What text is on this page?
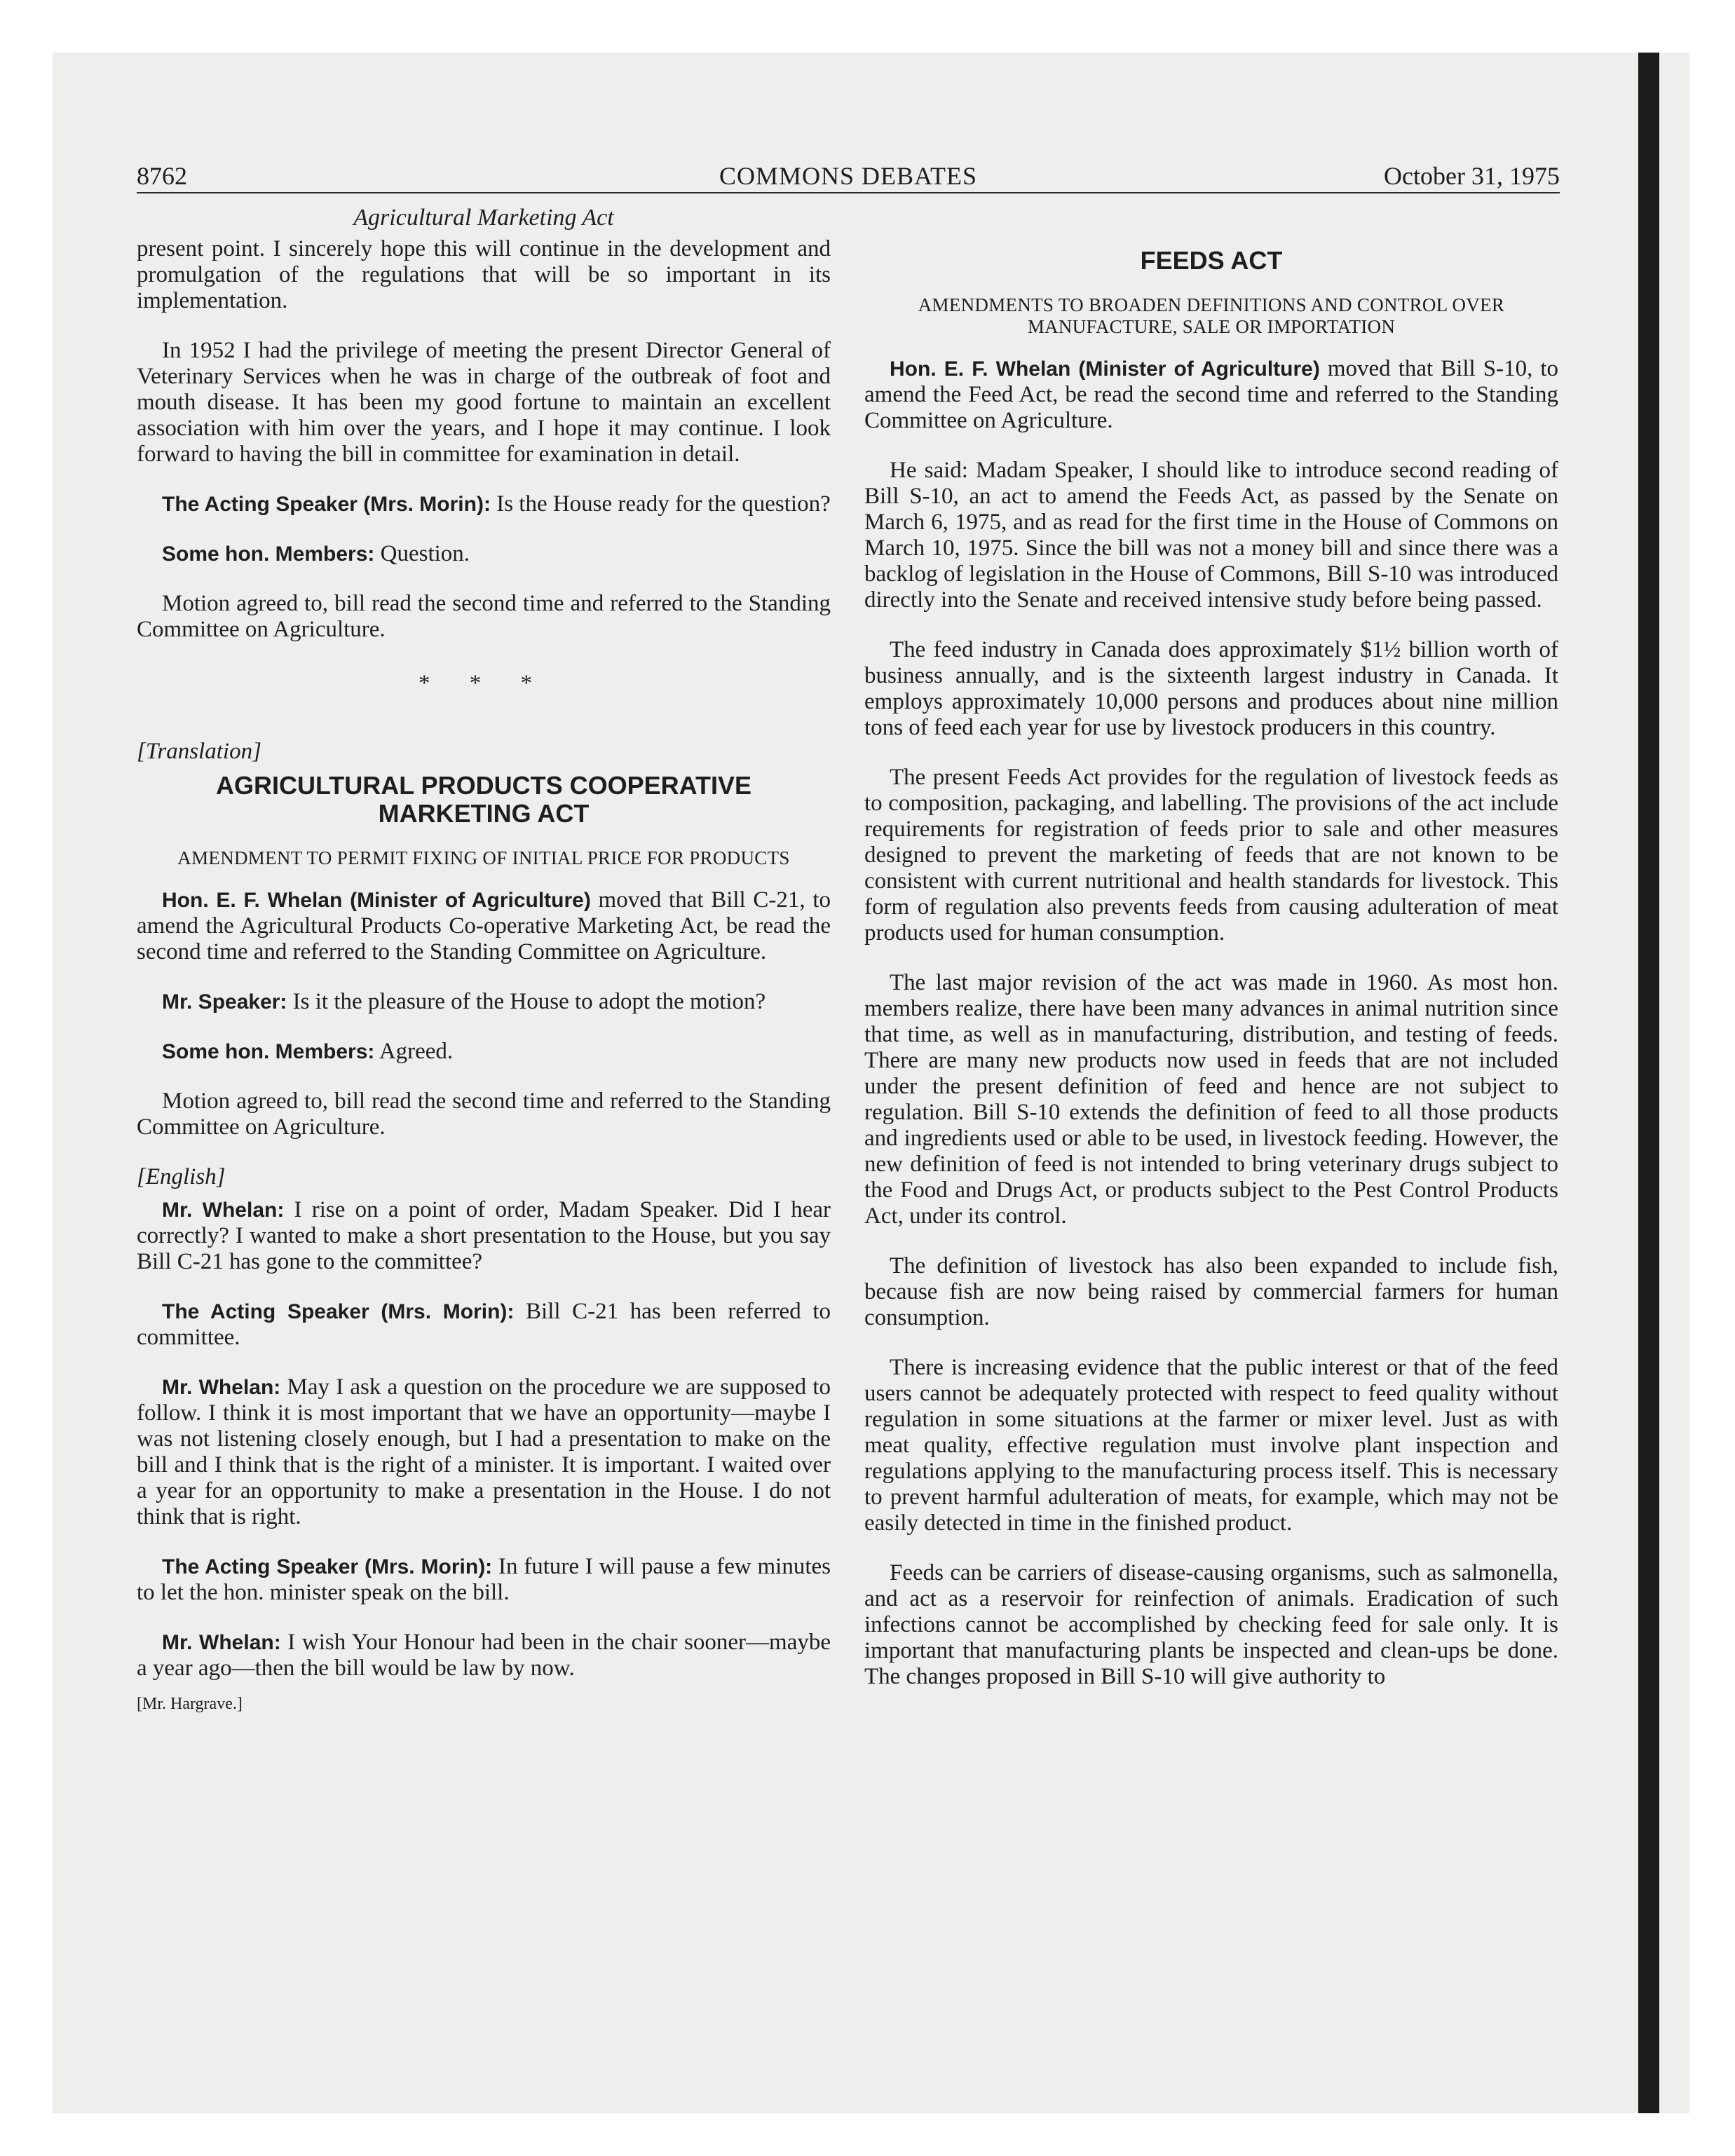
8762	COMMONS DEBATES	October 31, 1975

Agricultural Marketing Act

present point. I sincerely hope this will continue in the development and promulgation of the regulations that will be so important in its implementation.

In 1952 I had the privilege of meeting the present Director General of Veterinary Services when he was in charge of the outbreak of foot and mouth disease. It has been my good fortune to maintain an excellent association with him over the years, and I hope it may continue. I look forward to having the bill in committee for examination in detail.

The Acting Speaker (Mrs. Morin): Is the House ready for the question?

Some hon. Members: Question.

Motion agreed to, bill read the second time and referred to the Standing Committee on Agriculture.

* * *

[Translation]

AGRICULTURAL PRODUCTS COOPERATIVE MARKETING ACT
AMENDMENT TO PERMIT FIXING OF INITIAL PRICE FOR PRODUCTS

Hon. E. F. Whelan (Minister of Agriculture) moved that Bill C-21, to amend the Agricultural Products Co-operative Marketing Act, be read the second time and referred to the Standing Committee on Agriculture.

Mr. Speaker: Is it the pleasure of the House to adopt the motion?

Some hon. Members: Agreed.

Motion agreed to, bill read the second time and referred to the Standing Committee on Agriculture.

[English]

Mr. Whelan: I rise on a point of order, Madam Speaker. Did I hear correctly? I wanted to make a short presentation to the House, but you say Bill C-21 has gone to the committee?

The Acting Speaker (Mrs. Morin): Bill C-21 has been referred to committee.

Mr. Whelan: May I ask a question on the procedure we are supposed to follow. I think it is most important that we have an opportunity—maybe I was not listening closely enough, but I had a presentation to make on the bill and I think that is the right of a minister. It is important. I waited over a year for an opportunity to make a presentation in the House. I do not think that is right.

The Acting Speaker (Mrs. Morin): In future I will pause a few minutes to let the hon. minister speak on the bill.

Mr. Whelan: I wish Your Honour had been in the chair sooner—maybe a year ago—then the bill would be law by now.

[Mr. Hargrave.]

FEEDS ACT
AMENDMENTS TO BROADEN DEFINITIONS AND CONTROL OVER MANUFACTURE, SALE OR IMPORTATION

Hon. E. F. Whelan (Minister of Agriculture) moved that Bill S-10, to amend the Feed Act, be read the second time and referred to the Standing Committee on Agriculture.

He said: Madam Speaker, I should like to introduce second reading of Bill S-10, an act to amend the Feeds Act, as passed by the Senate on March 6, 1975, and as read for the first time in the House of Commons on March 10, 1975. Since the bill was not a money bill and since there was a backlog of legislation in the House of Commons, Bill S-10 was introduced directly into the Senate and received intensive study before being passed.

The feed industry in Canada does approximately $1½ billion worth of business annually, and is the sixteenth largest industry in Canada. It employs approximately 10,000 persons and produces about nine million tons of feed each year for use by livestock producers in this country.

The present Feeds Act provides for the regulation of livestock feeds as to composition, packaging, and labelling. The provisions of the act include requirements for registration of feeds prior to sale and other measures designed to prevent the marketing of feeds that are not known to be consistent with current nutritional and health standards for livestock. This form of regulation also prevents feeds from causing adulteration of meat products used for human consumption.

The last major revision of the act was made in 1960. As most hon. members realize, there have been many advances in animal nutrition since that time, as well as in manufacturing, distribution, and testing of feeds. There are many new products now used in feeds that are not included under the present definition of feed and hence are not subject to regulation. Bill S-10 extends the definition of feed to all those products and ingredients used or able to be used, in livestock feeding. However, the new definition of feed is not intended to bring veterinary drugs subject to the Food and Drugs Act, or products subject to the Pest Control Products Act, under its control.

The definition of livestock has also been expanded to include fish, because fish are now being raised by commercial farmers for human consumption.

There is increasing evidence that the public interest or that of the feed users cannot be adequately protected with respect to feed quality without regulation in some situations at the farmer or mixer level. Just as with meat quality, effective regulation must involve plant inspection and regulations applying to the manufacturing process itself. This is necessary to prevent harmful adulteration of meats, for example, which may not be easily detected in time in the finished product.

Feeds can be carriers of disease-causing organisms, such as salmonella, and act as a reservoir for reinfection of animals. Eradication of such infections cannot be accomplished by checking feed for sale only. It is important that manufacturing plants be inspected and clean-ups be done. The changes proposed in Bill S-10 will give authority to
